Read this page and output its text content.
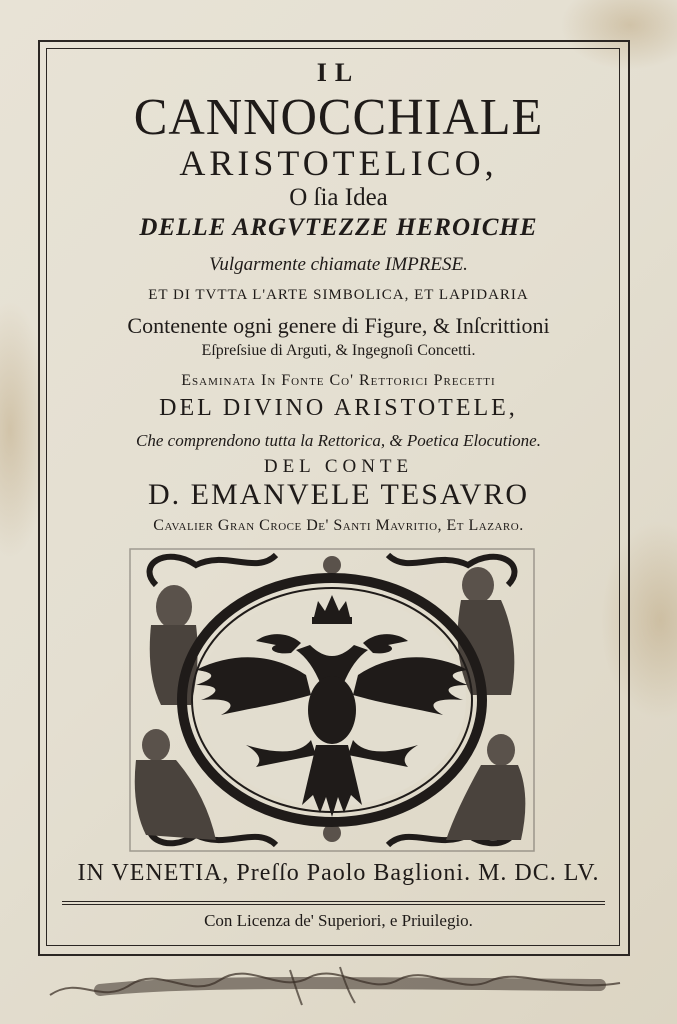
IL

CANNOCCHIALE

ARISTOTELICO,

O ſia Idea

DELLE ARGVTEZZE HEROICHE

Vulgarmente chiamate IMPRESE.

ET DI TVTTA L'ARTE SIMBOLICA, ET LAPIDARIA

Contenente ogni genere di Figure, & Inſcrittioni

Eſpreſsiue di Arguti, & Ingegnoſi Concetti.

Esaminata In Fonte Co' Rettorici Precetti

DEL DIVINO ARISTOTELE,

Che comprendono tutta la Rettorica, & Poetica Elocutione.

DEL CONTE

D. EMANVELE TESAVRO

Cavalier Gran Croce De' Santi Mavritio, Et Lazaro.

IN VENETIA, Preſſo Paolo Baglioni. M. DC. LV.

Con Licenza de' Superiori, e Priuilegio.
